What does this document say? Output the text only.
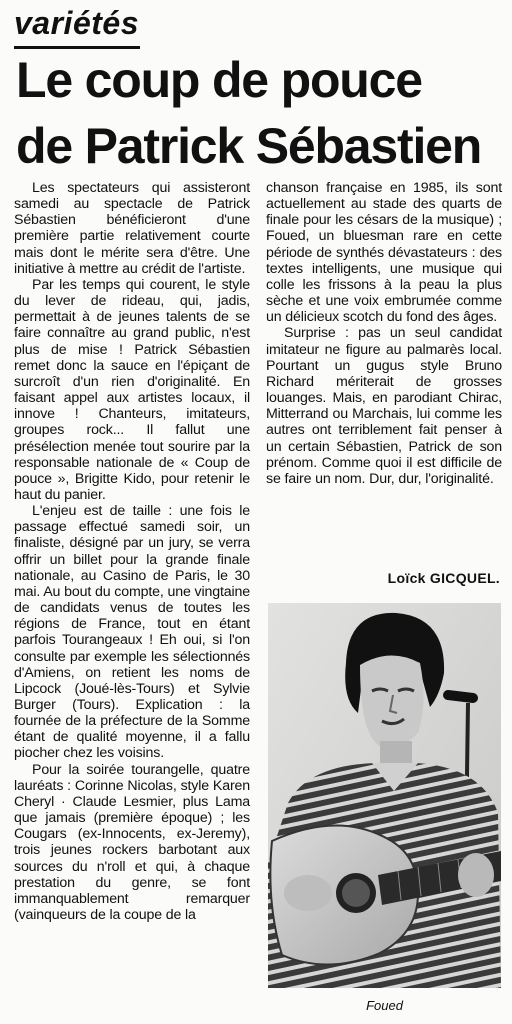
variétés
Le coup de pouce
de Patrick Sébastien

Les spectateurs qui assisteront samedi au spectacle de Patrick Sébastien bénéficieront d'une première partie relativement courte mais dont le mérite sera d'être. Une initiative à mettre au crédit de l'artiste.

Par les temps qui courent, le style du lever de rideau, qui, jadis, permettait à de jeunes talents de se faire connaître au grand public, n'est plus de mise ! Patrick Sébastien remet donc la sauce en l'épiçant de surcroît d'un rien d'originalité. En faisant appel aux artistes locaux, il innove ! Chanteurs, imitateurs, groupes rock... Il fallut une présélection menée tout sourire par la responsable nationale de « Coup de pouce », Brigitte Kido, pour retenir le haut du panier.

L'enjeu est de taille : une fois le passage effectué samedi soir, un finaliste, désigné par un jury, se verra offrir un billet pour la grande finale nationale, au Casino de Paris, le 30 mai. Au bout du compte, une vingtaine de candidats venus de toutes les régions de France, tout en étant parfois Tourangeaux ! Eh oui, si l'on consulte par exemple les sélectionnés d'Amiens, on retient les noms de Lipcock (Joué-lès-Tours) et Sylvie Burger (Tours). Explication : la fournée de la préfecture de la Somme étant de qualité moyenne, il a fallu piocher chez les voisins.

Pour la soirée tourangelle, quatre lauréats : Corinne Nicolas, style Karen Cheryl · Claude Lesmier, plus Lama que jamais (première époque) ; les Cougars (ex-Innocents, ex-Jeremy), trois jeunes rockers barbotant aux sources du n'roll et qui, à chaque prestation du genre, se font immanquablement remarquer (vainqueurs de la coupe de la

chanson française en 1985, ils sont actuellement au stade des quarts de finale pour les césars de la musique) ; Foued, un bluesman rare en cette période de synthés dévastateurs : des textes intelligents, une musique qui colle les frissons à la peau la plus sèche et une voix embrumée comme un délicieux scotch du fond des âges.

Surprise : pas un seul candidat imitateur ne figure au palmarès local. Pourtant un gugus style Bruno Richard mériterait de grosses louanges. Mais, en parodiant Chirac, Mitterrand ou Marchais, lui comme les autres ont terriblement fait penser à un certain Sébastien, Patrick de son prénom. Comme quoi il est difficile de se faire un nom. Dur, dur, l'originalité.

Loïck GICQUEL.
Foued
